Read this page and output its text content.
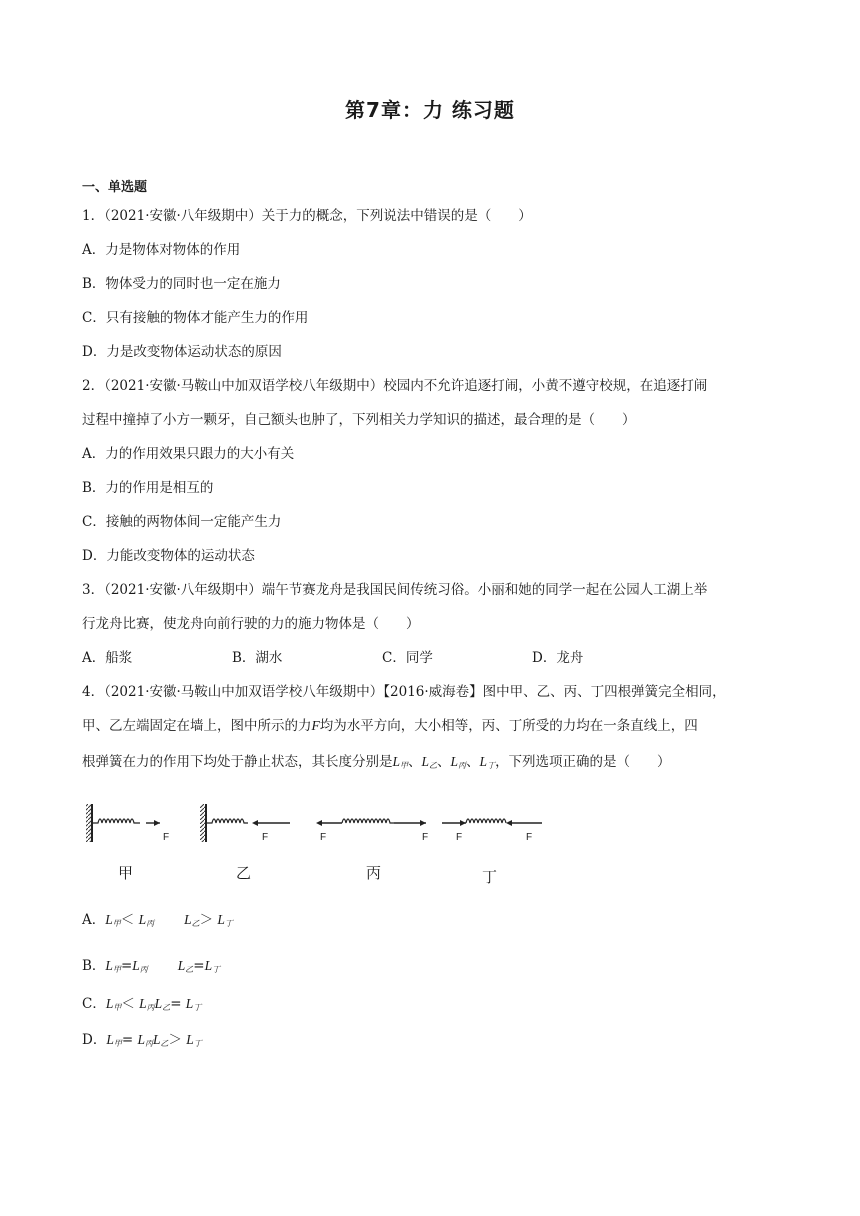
第7章：力 练习题
一、单选题
1．（2021·安徽·八年级期中）关于力的概念，下列说法中错误的是（　　）
A．力是物体对物体的作用
B．物体受力的同时也一定在施力
C．只有接触的物体才能产生力的作用
D．力是改变物体运动状态的原因
2．（2021·安徽·马鞍山中加双语学校八年级期中）校园内不允许追逐打闹，小黄不遵守校规，在追逐打闹
过程中撞掉了小方一颗牙，自己额头也肿了，下列相关力学知识的描述，最合理的是（　　）
A．力的作用效果只跟力的大小有关
B．力的作用是相互的
C．接触的两物体间一定能产生力
D．力能改变物体的运动状态
3．（2021·安徽·八年级期中）端午节赛龙舟是我国民间传统习俗。小丽和她的同学一起在公园人工湖上举
行龙舟比赛，使龙舟向前行驶的力的施力物体是（　　）
A．船浆	B．湖水	C．同学	D．龙舟
4．（2021·安徽·马鞍山中加双语学校八年级期中）【2016·威海卷】图中甲、乙、丙、丁四根弹簧完全相同，
甲、乙左端固定在墙上，图中所示的力F均为水平方向，大小相等，丙、丁所受的力均在一条直线上，四
根弹簧在力的作用下均处于静止状态，其长度分别是$L_甲$、$L_乙$、$L_丙$、$L_丁$，下列选项正确的是（　　）
F	F	F	F	F	F
甲	乙	丙	丁
A．$L_甲< L_丙$ $L_乙> L_丁$
B．$L_甲=L_丙$ $L_乙=L_丁$
C．$L_甲< L_丙L_乙= L_丁$
D．$L_甲= L_丙L_乙> L_丁$
